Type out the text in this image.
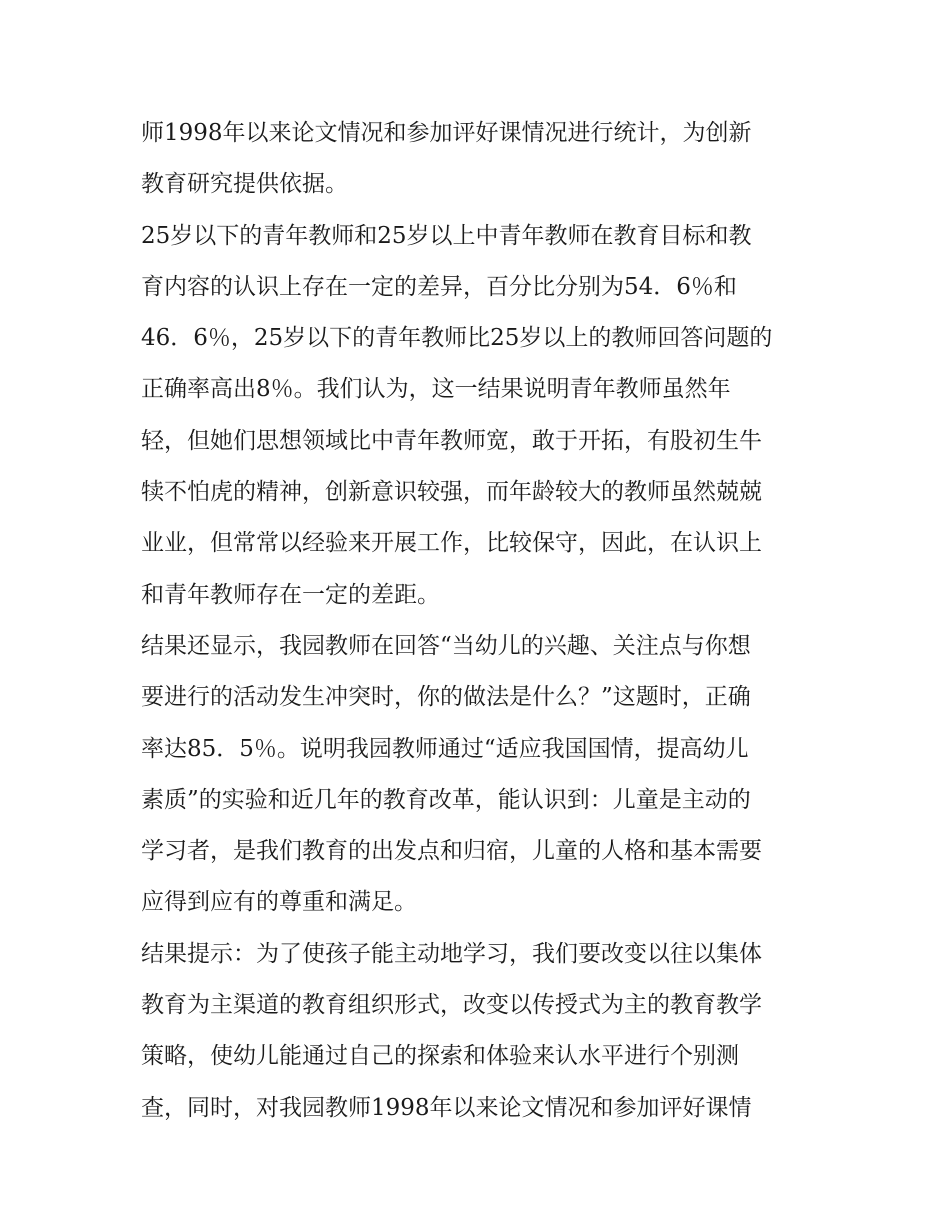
师1998年以来论文情况和参加评好课情况进行统计，为创新
教育研究提供依据。
25岁以下的青年教师和25岁以上中青年教师在教育目标和教
育内容的认识上存在一定的差异，百分比分别为54．6％和
46．6％，25岁以下的青年教师比25岁以上的教师回答问题的
正确率高出8％。我们认为，这一结果说明青年教师虽然年
轻，但她们思想领域比中青年教师宽，敢于开拓，有股初生牛
犊不怕虎的精神，创新意识较强，而年龄较大的教师虽然兢兢
业业，但常常以经验来开展工作，比较保守，因此，在认识上
和青年教师存在一定的差距。
结果还显示，我园教师在回答“当幼儿的兴趣、关注点与你想
要进行的活动发生冲突时，你的做法是什么？”这题时，正确
率达85．5％。说明我园教师通过“适应我国国情，提高幼儿
素质”的实验和近几年的教育改革，能认识到：儿童是主动的
学习者，是我们教育的出发点和归宿，儿童的人格和基本需要
应得到应有的尊重和满足。
结果提示：为了使孩子能主动地学习，我们要改变以往以集体
教育为主渠道的教育组织形式，改变以传授式为主的教育教学
策略，使幼儿能通过自己的探索和体验来认水平进行个别测
查，同时，对我园教师1998年以来论文情况和参加评好课情
